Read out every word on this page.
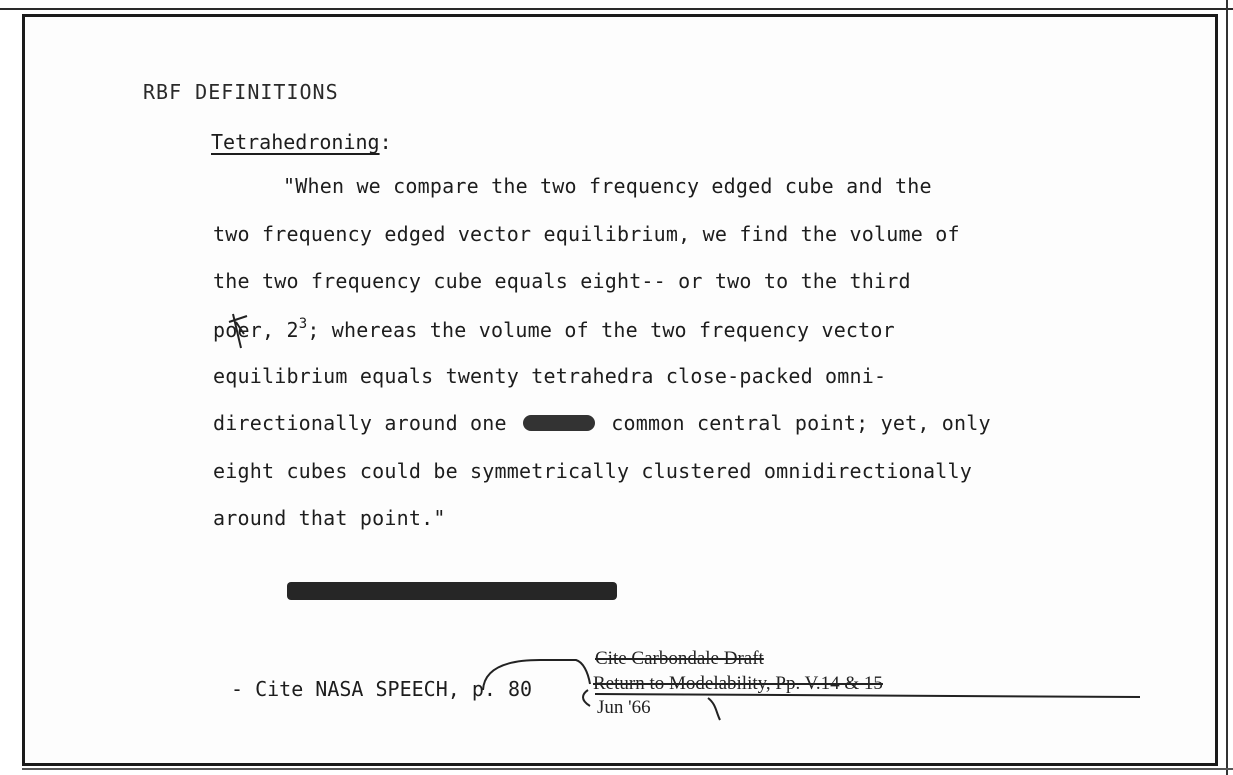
RBF DEFINITIONS
Tetrahedroning:
"When we compare the two frequency edged cube and the
two frequency edged vector equilibrium, we find the volume of
the two frequency cube equals eight-- or two to the third
poer, $2^3$; whereas the volume of the two frequency vector
equilibrium equals twenty tetrahedra close-packed omni-
directionally around one	common central point; yet, only
eight cubes could be symmetrically clustered omnidirectionally
around that point."
- Cite NASA SPEECH, p. 80
Cite Carbondale Draft
Return to Modelability, Pp. V.14 & 15
Jun '66
